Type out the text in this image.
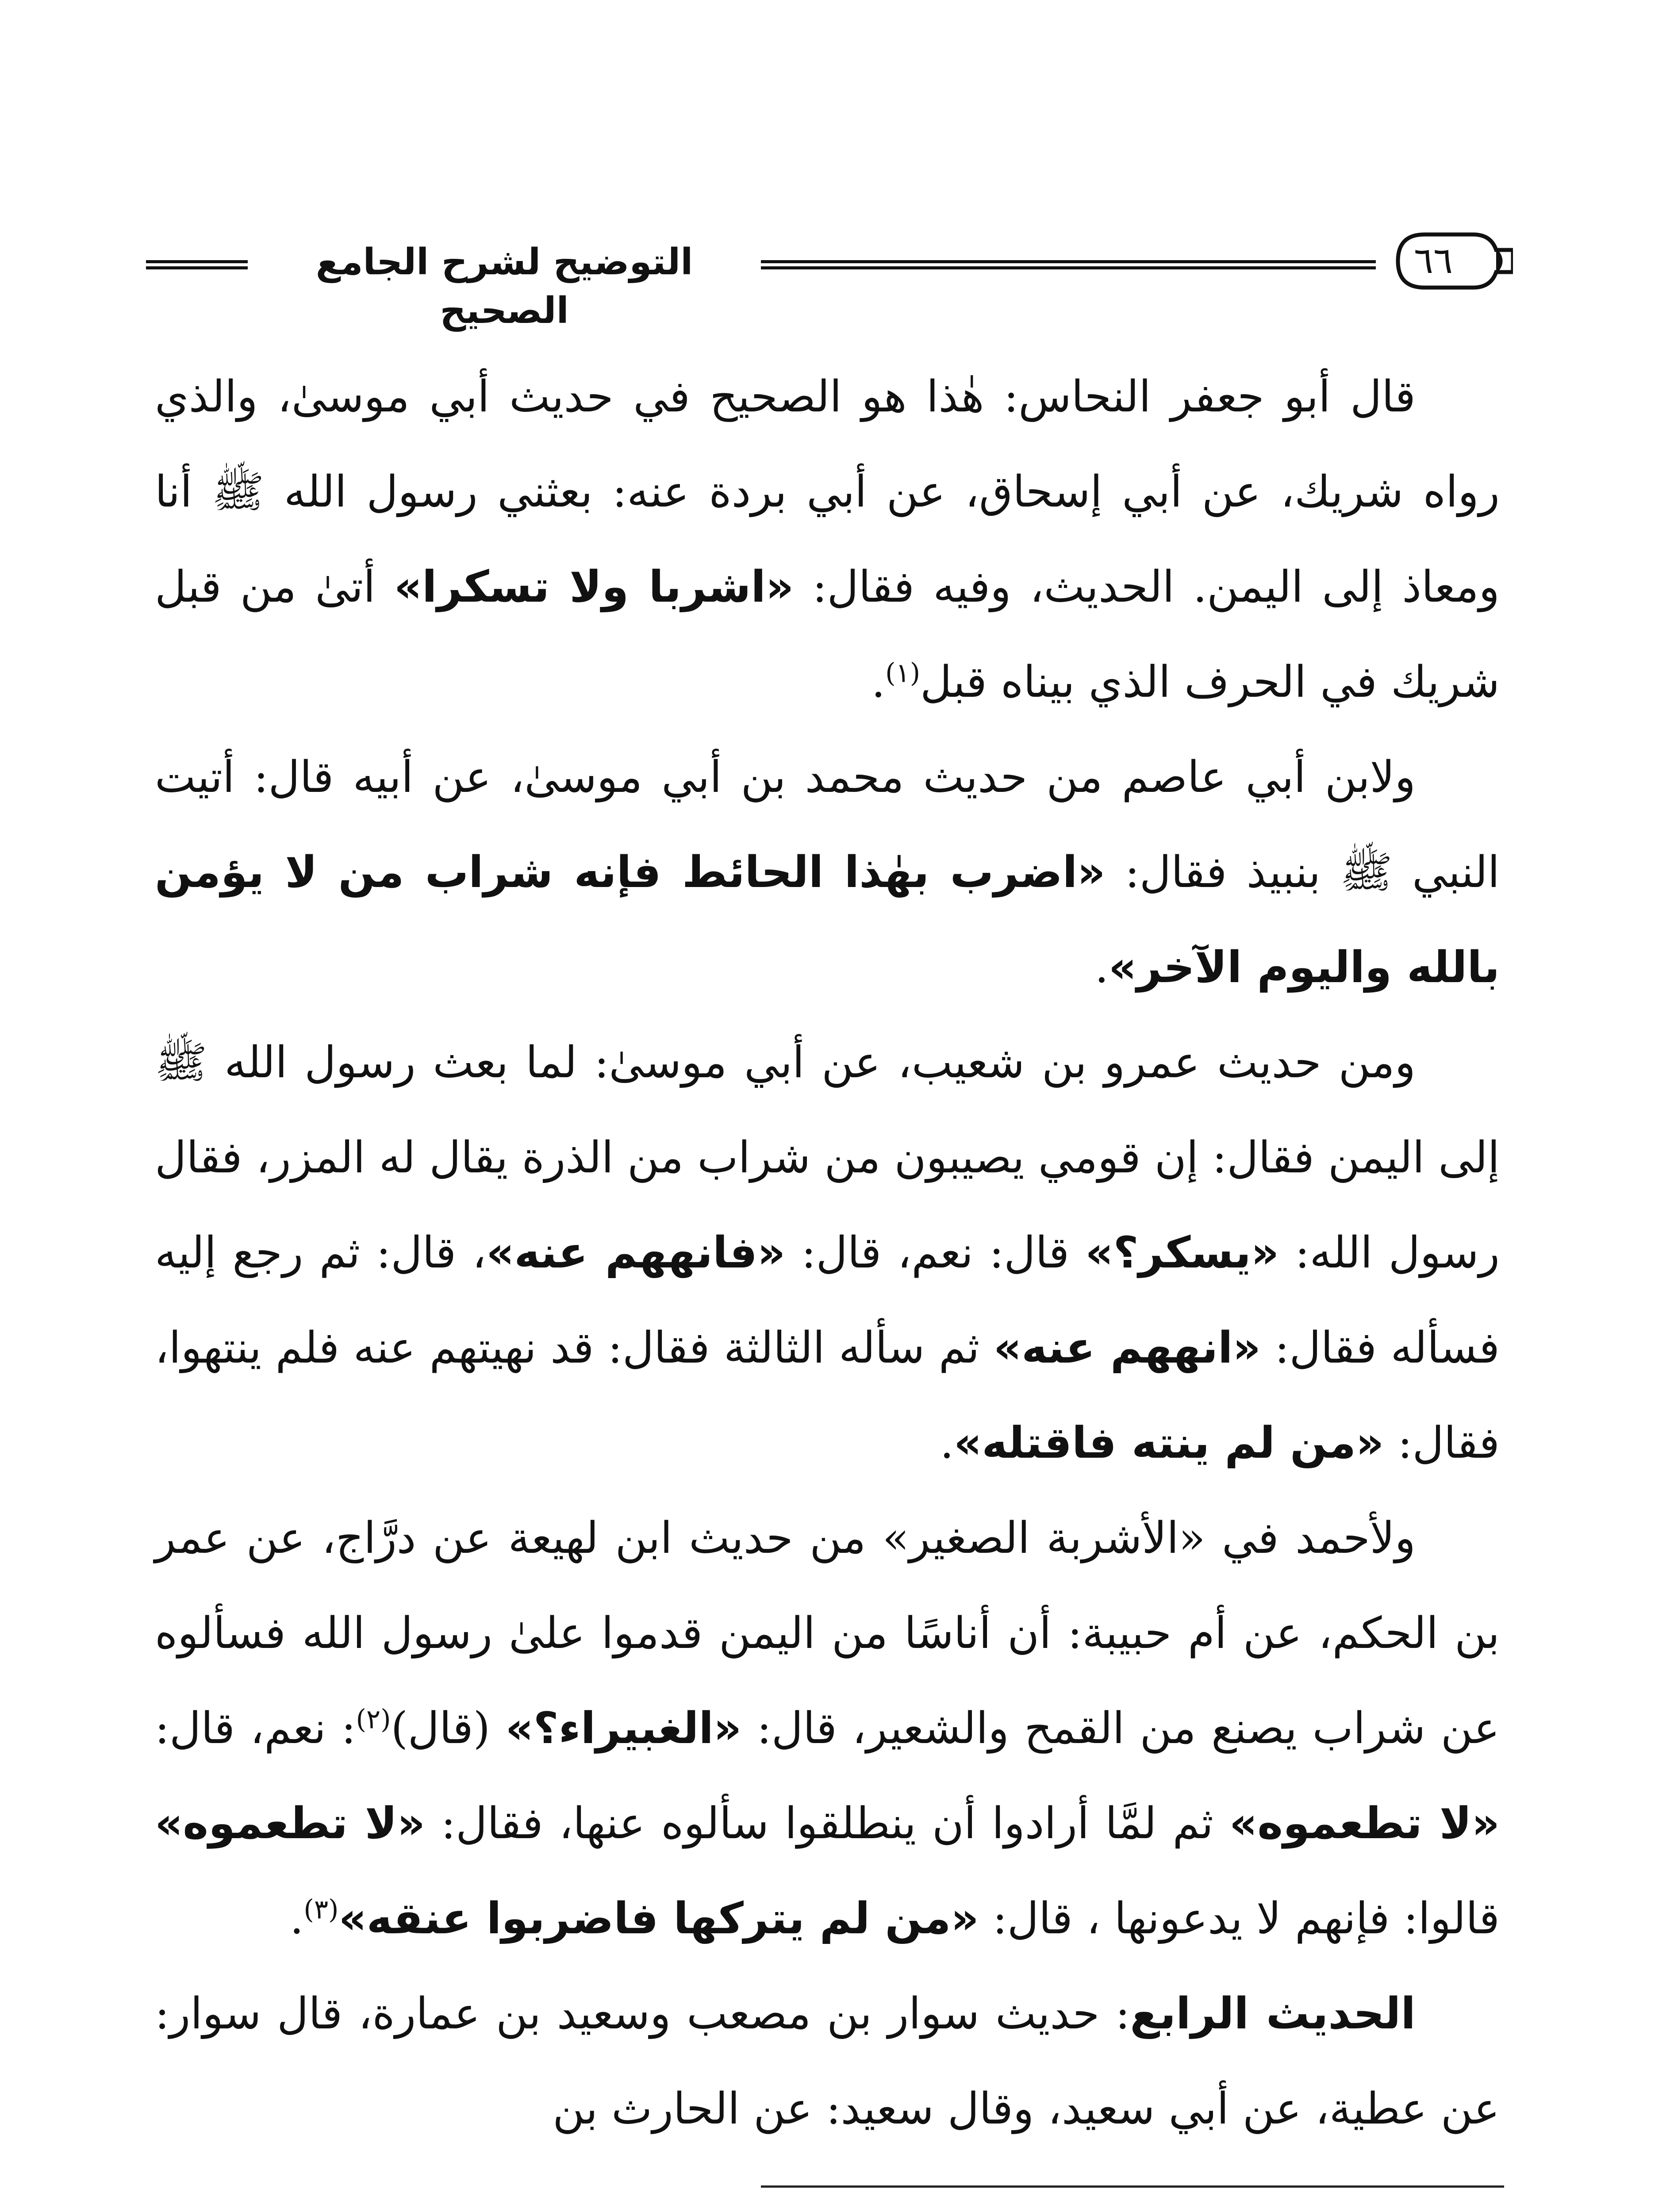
التوضيح لشرح الجامع الصحيح
٦٦

قال أبو جعفر النحاس: هٰذا هو الصحيح في حديث أبي موسىٰ، والذي رواه شريك، عن أبي إسحاق، عن أبي بردة عنه: بعثني رسول الله ﷺ أنا ومعاذ إلى اليمن. الحديث، وفيه فقال: «اشربا ولا تسكرا» أتىٰ من قبل شريك في الحرف الذي بيناه قبل$^{(١)}$.

ولابن أبي عاصم من حديث محمد بن أبي موسىٰ، عن أبيه قال: أتيت النبي ﷺ بنبيذ فقال: «اضرب بهٰذا الحائط فإنه شراب من لا يؤمن بالله واليوم الآخر».

ومن حديث عمرو بن شعيب، عن أبي موسىٰ: لما بعث رسول الله ﷺ إلى اليمن فقال: إن قومي يصيبون من شراب من الذرة يقال له المزر، فقال رسول الله: «يسكر؟» قال: نعم، قال: «فانههم عنه»، قال: ثم رجع إليه فسأله فقال: «انههم عنه» ثم سأله الثالثة فقال: قد نهيتهم عنه فلم ينتهوا، فقال: «من لم ينته فاقتله».

ولأحمد في «الأشربة الصغير» من حديث ابن لهيعة عن درَّاج، عن عمر بن الحكم، عن أم حبيبة: أن أناسًا من اليمن قدموا علىٰ رسول الله فسألوه عن شراب يصنع من القمح والشعير، قال: «الغبيراء؟» (قال)$^{(٢)}$: نعم، قال: «لا تطعموه» ثم لمَّا أرادوا أن ينطلقوا سألوه عنها، فقال: «لا تطعموه» قالوا: فإنهم لا يدعونها ، قال: «من لم يتركها فاضربوا عنقه»$^{(٣)}$.

الحديث الرابع: حديث سوار بن مصعب وسعيد بن عمارة، قال سوار: عن عطية، عن أبي سعيد، وقال سعيد: عن الحارث بن
